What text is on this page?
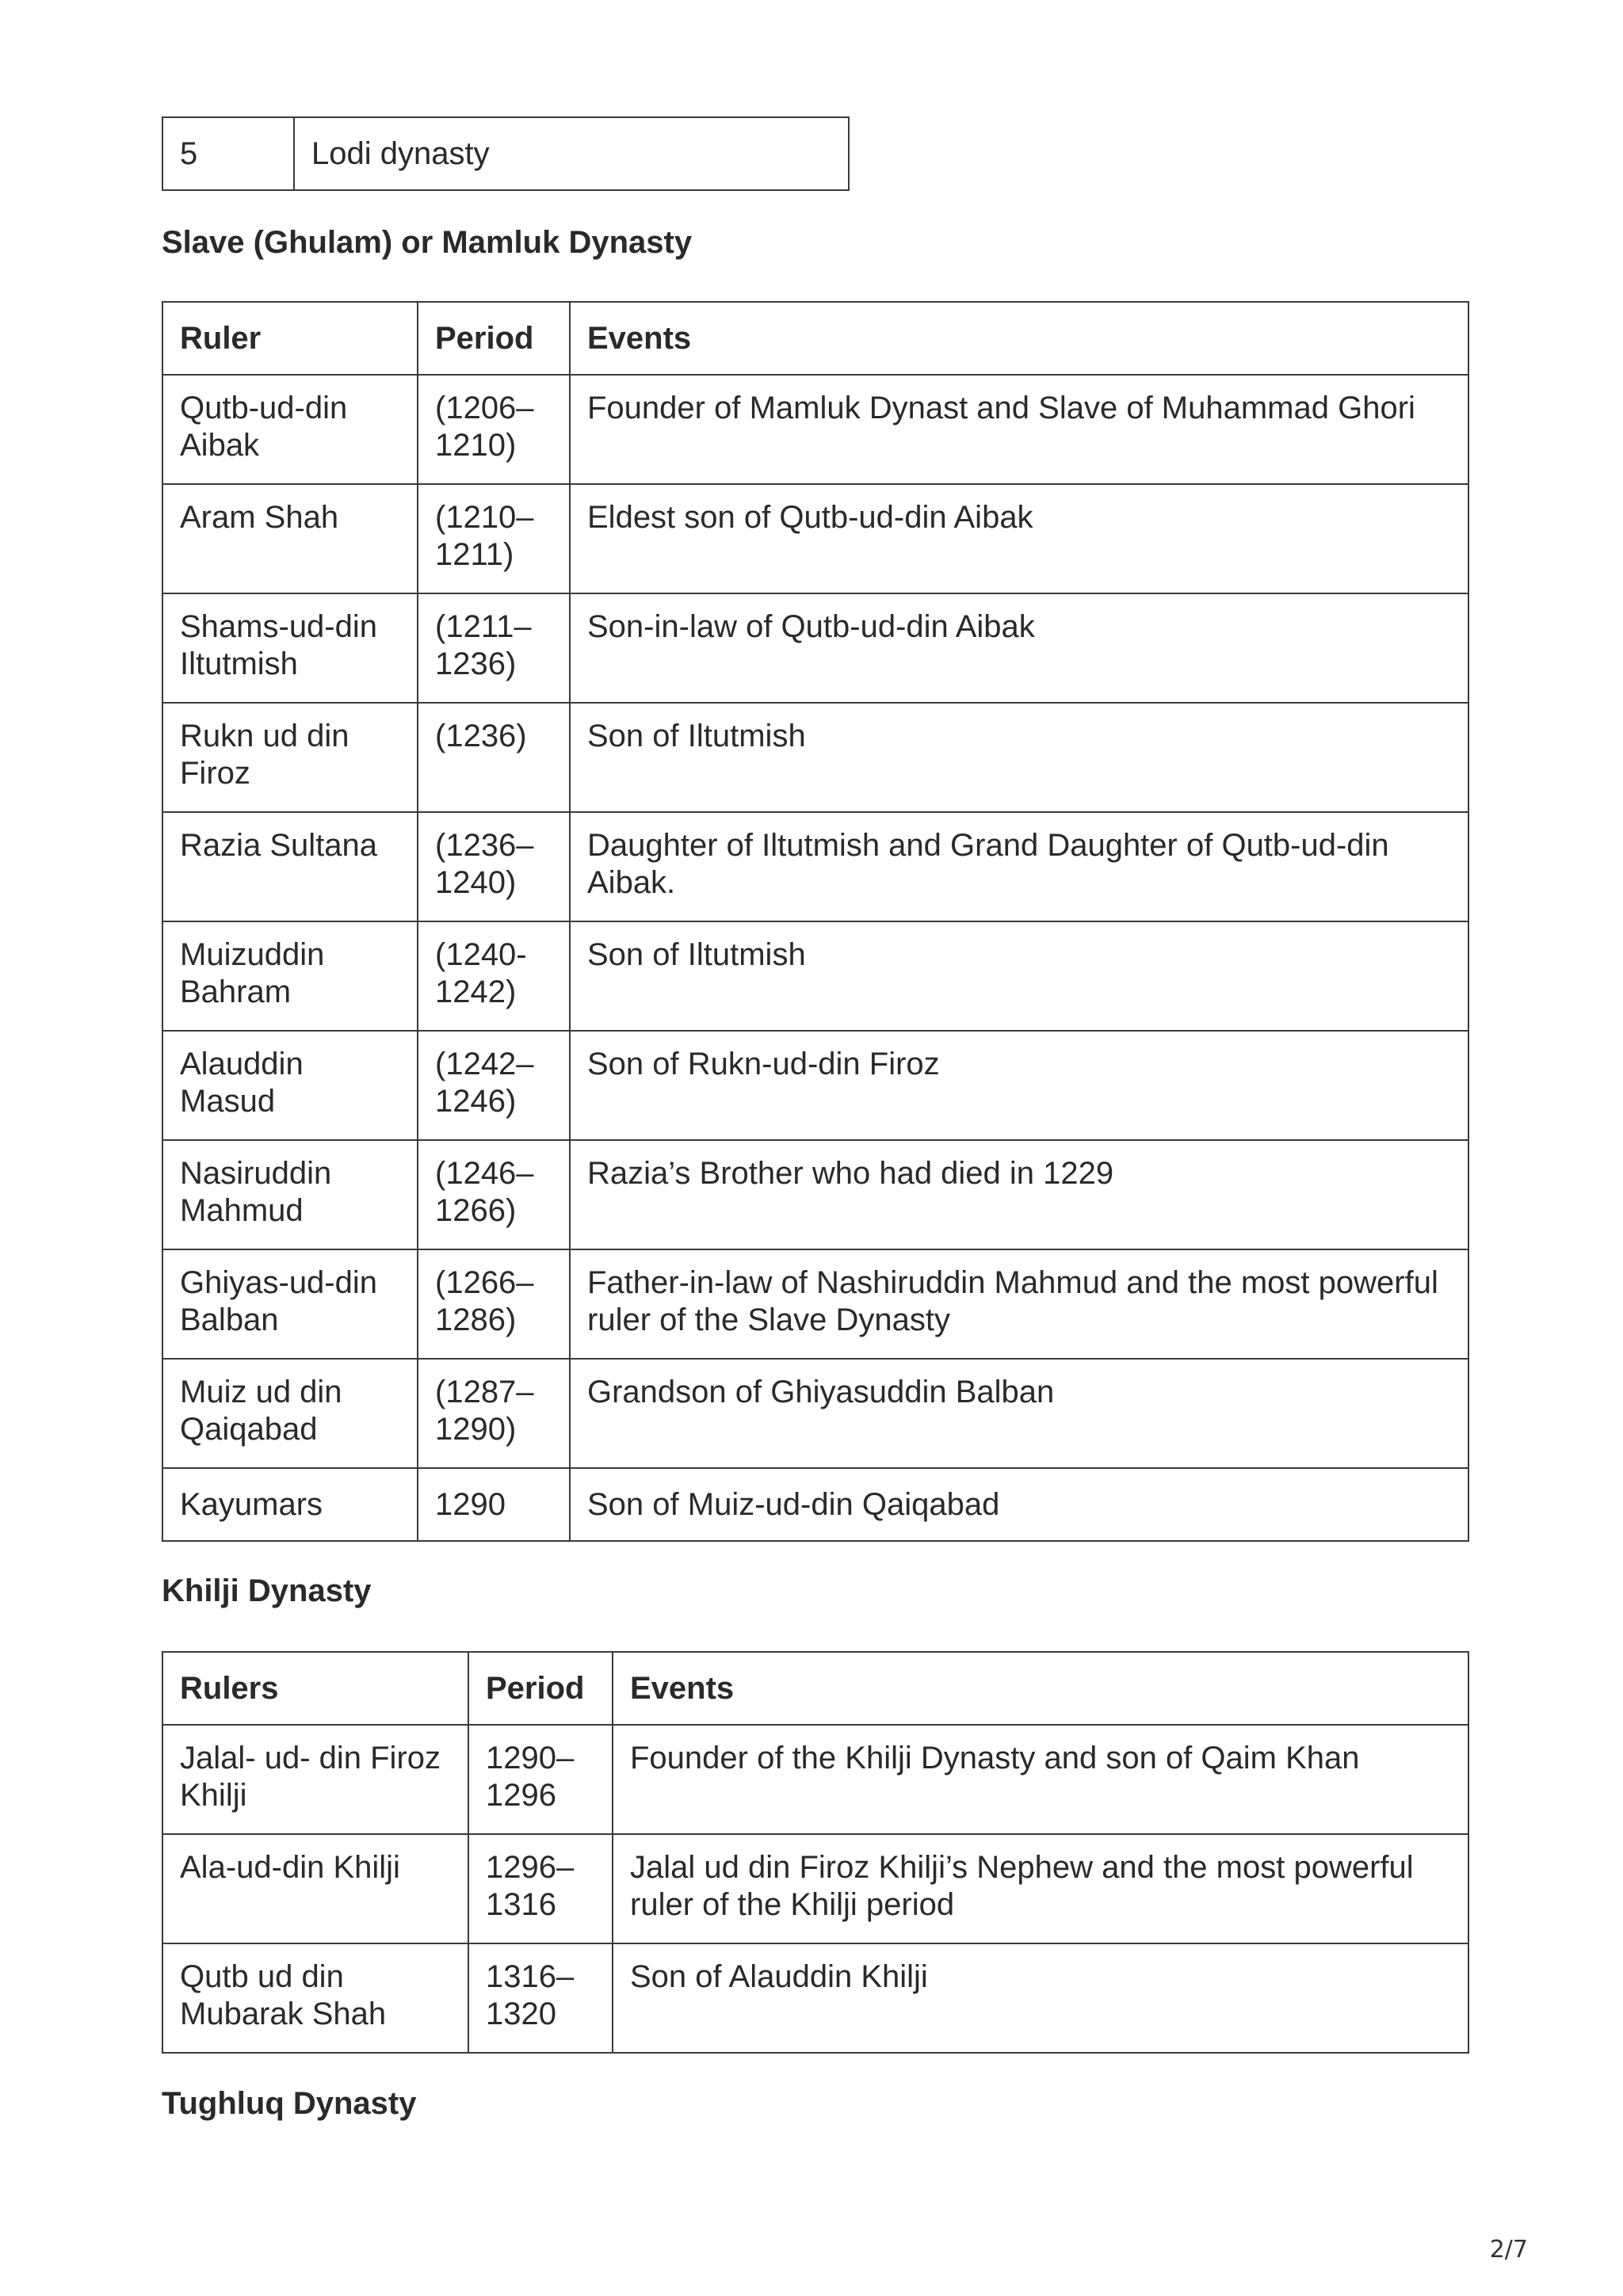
5	Lodi dynasty
Slave (Ghulam) or Mamluk Dynasty
Ruler	Period	Events
Qutb-ud-din Aibak	(1206–1210)	Founder of Mamluk Dynast and Slave of Muhammad Ghori
Aram Shah	(1210–1211)	Eldest son of Qutb-ud-din Aibak
Shams-ud-din Iltutmish	(1211–1236)	Son-in-law of Qutb-ud-din Aibak
Rukn ud din Firoz	(1236)	Son of Iltutmish
Razia Sultana	(1236–1240)	Daughter of Iltutmish and Grand Daughter of Qutb-ud-din Aibak.
Muizuddin Bahram	(1240-1242)	Son of Iltutmish
Alauddin Masud	(1242–1246)	Son of Rukn-ud-din Firoz
Nasiruddin Mahmud	(1246–1266)	Razia’s Brother who had died in 1229
Ghiyas-ud-din Balban	(1266–1286)	Father-in-law of Nashiruddin Mahmud and the most powerful ruler of the Slave Dynasty
Muiz ud din Qaiqabad	(1287–1290)	Grandson of Ghiyasuddin Balban
Kayumars	1290	Son of Muiz-ud-din Qaiqabad
Khilji Dynasty
Rulers	Period	Events
Jalal- ud- din Firoz Khilji	1290–1296	Founder of the Khilji Dynasty and son of Qaim Khan
Ala-ud-din Khilji	1296–1316	Jalal ud din Firoz Khilji’s Nephew and the most powerful ruler of the Khilji period
Qutb ud din Mubarak Shah	1316–1320	Son of Alauddin Khilji
Tughluq Dynasty
2/7
